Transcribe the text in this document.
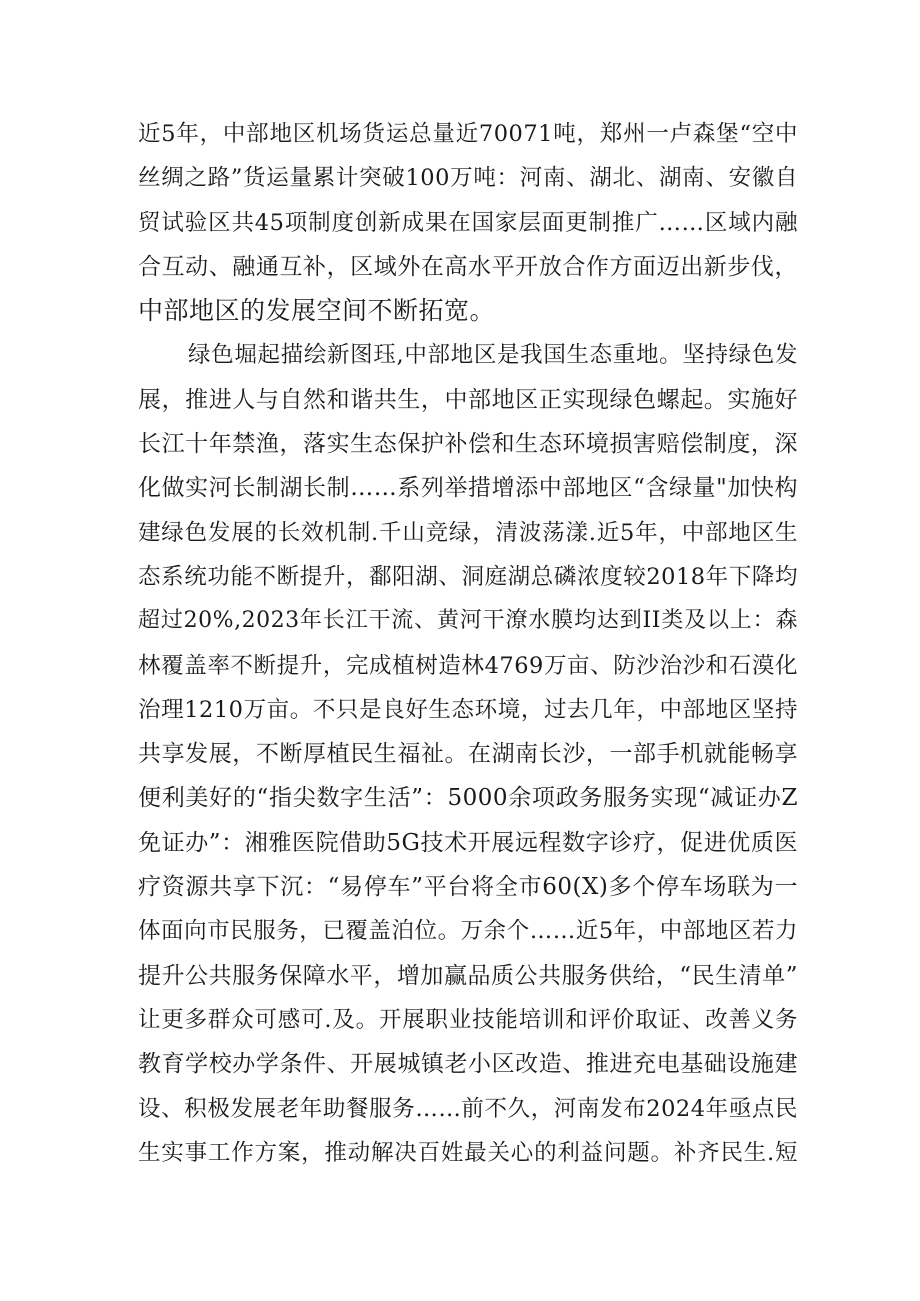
近5年，中部地区机场货运总量近70071吨，郑州一卢森堡“空中
丝绸之路”货运量累计突破100万吨：河南、湖北、湖南、安徽自
贸试验区共45项制度创新成果在国家层面更制推广……区域内融
合互动、融通互补，区域外在高水平开放合作方面迈出新步伐，
中部地区的发展空间不断拓宽。
绿色堀起描绘新图珏,中部地区是我国生态重地。坚持绿色发
展，推进人与自然和谐共生，中部地区正实现绿色螺起。实施好
长江十年禁渔，落实生态保护补偿和生态环境损害赔偿制度，深
化做实河长制湖长制……系列举措增添中部地区“含绿量"加快构
建绿色发展的长效机制.千山竞绿，清波荡漾.近5年，中部地区生
态系统功能不断提升，鄱阳湖、洞庭湖总磷浓度较2018年下降均
超过20%,2023年长江干流、黄河干潦水膜均达到II类及以上：森
林覆盖率不断提升，完成植树造林4769万亩、防沙治沙和石漠化
治理1210万亩。不只是良好生态环境，过去几年，中部地区坚持
共享发展，不断厚植民生福祉。在湖南长沙，一部手机就能畅享
便利美好的“指尖数字生活”：5000余项政务服务实现“减证办Z
免证办”：湘雅医院借助5G技术开展远程数字诊疗，促进优质医
疗资源共享下沉：“易停车”平台将全市60(X)多个停车场联为一
体面向市民服务，已覆盖泊位。万余个……近5年，中部地区若力
提升公共服务保障水平，增加赢品质公共服务供给，“民生清单”
让更多群众可感可.及。开展职业技能培训和评价取证、改善义务
教育学校办学条件、开展城镇老小区改造、推进充电基础设施建
设、积极发展老年助餐服务……前不久，河南发布2024年亟点民
生实事工作方案，推动解决百姓最关心的利益问题。补齐民生.短
